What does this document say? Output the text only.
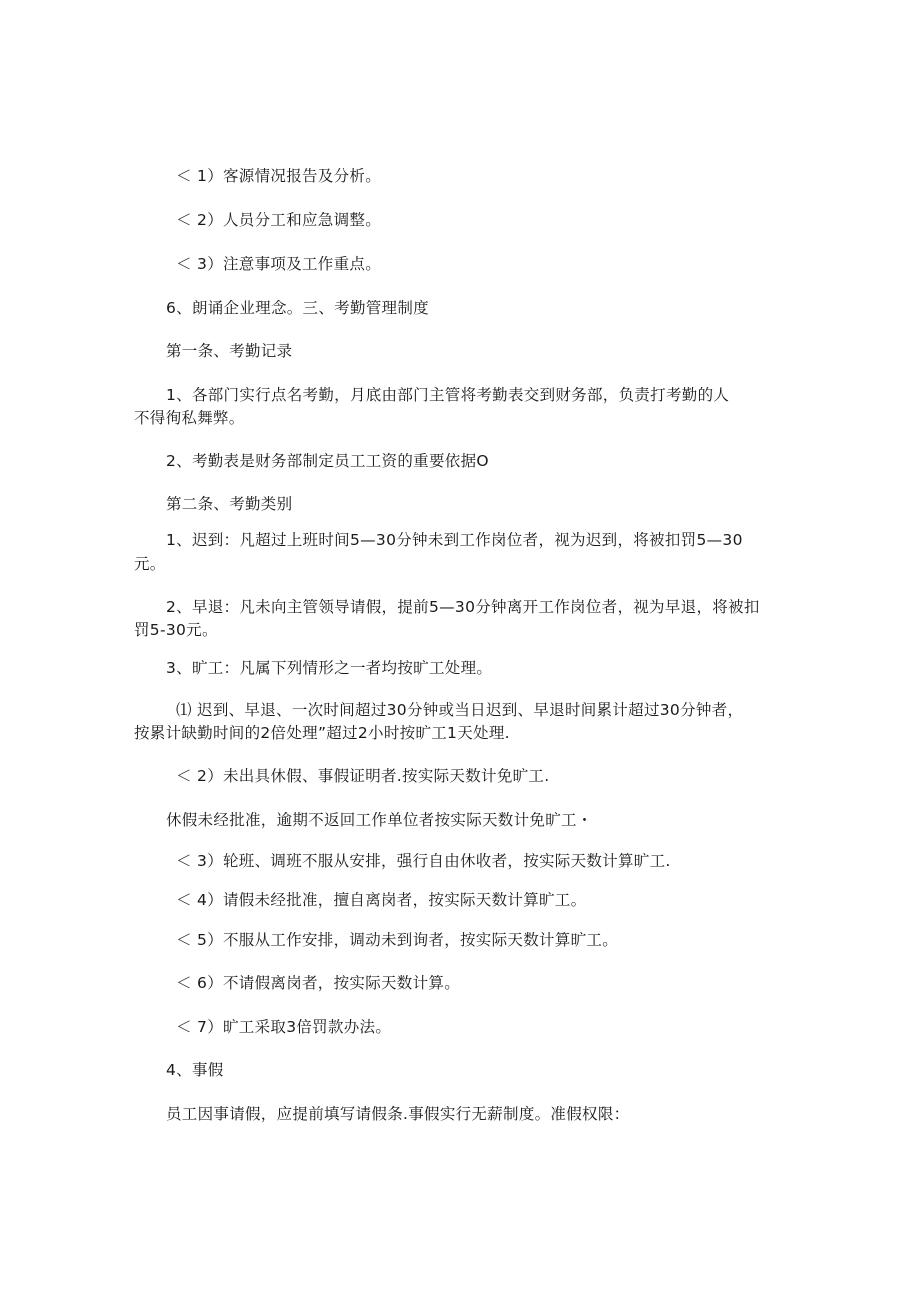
＜ 1）客源情况报告及分析。
＜ 2）人员分工和应急调整。
＜ 3）注意事项及工作重点。
6、朗诵企业理念。三、考勤管理制度
第一条、考勤记录
1、各部门实行点名考勤，月底由部门主管将考勤表交到财务部，负责打考勤的人
不得徇私舞弊。
2、考勤表是财务部制定员工工资的重要依据O
第二条、考勤类别
1、迟到：凡超过上班时间5—30分钟未到工作岗位者，视为迟到，将被扣罚5—30
元。
2、早退：凡未向主管领导请假，提前5—30分钟离开工作岗位者，视为早退，将被扣
罚5-30元。
3、旷工：凡属下列情形之一者均按旷工处理。
⑴ 迟到、早退、一次时间超过30分钟或当日迟到、早退时间累计超过30分钟者，
按累计缺勤时间的2倍处理”超过2小时按旷工1天处理.
＜ 2）未出具休假、事假证明者.按实际天数计免旷工.
休假未经批准，逾期不返回工作单位者按实际天数计免旷工・
＜ 3）轮班、调班不服从安排，强行自由休收者，按实际天数计算旷工.
＜ 4）请假未经批准，擅自离岗者，按实际天数计算旷工。
＜ 5）不服从工作安排，调动未到询者，按实际天数计算旷工。
＜ 6）不请假离岗者，按实际天数计算。
＜ 7）旷工采取3倍罚款办法。
4、事假
员工因事请假，应提前填写请假条.事假实行无薪制度。准假权限：
